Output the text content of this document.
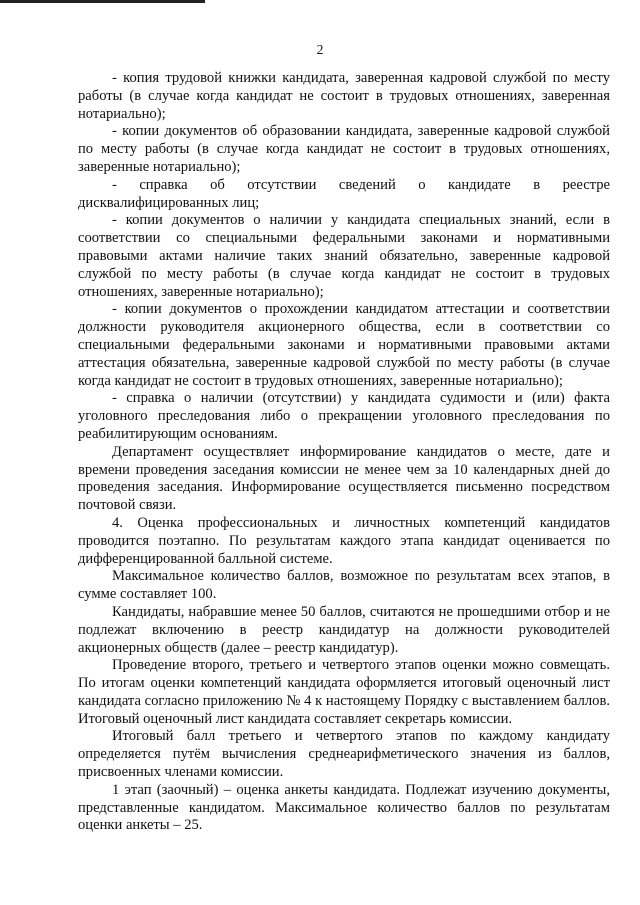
2

- копия трудовой книжки кандидата, заверенная кадровой службой по месту работы (в случае когда кандидат не состоит в трудовых отношениях, заверенная нотариально);

- копии документов об образовании кандидата, заверенные кадровой службой по месту работы (в случае когда кандидат не состоит в трудовых отношениях, заверенные нотариально);

- справка об отсутствии сведений о кандидате в реестре дисквалифицированных лиц;

- копии документов о наличии у кандидата специальных знаний, если в соответствии со специальными федеральными законами и нормативными правовыми актами наличие таких знаний обязательно, заверенные кадровой службой по месту работы (в случае когда кандидат не состоит в трудовых отношениях, заверенные нотариально);

- копии документов о прохождении кандидатом аттестации и соответствии должности руководителя акционерного общества, если в соответствии со специальными федеральными законами и нормативными правовыми актами аттестация обязательна, заверенные кадровой службой по месту работы (в случае когда кандидат не состоит в трудовых отношениях, заверенные нотариально);

- справка о наличии (отсутствии) у кандидата судимости и (или) факта уголовного преследования либо о прекращении уголовного преследования по реабилитирующим основаниям.

Департамент осуществляет информирование кандидатов о месте, дате и времени проведения заседания комиссии не менее чем за 10 календарных дней до проведения заседания. Информирование осуществляется письменно посредством почтовой связи.

4. Оценка профессиональных и личностных компетенций кандидатов проводится поэтапно. По результатам каждого этапа кандидат оценивается по дифференцированной балльной системе.

Максимальное количество баллов, возможное по результатам всех этапов, в сумме составляет 100.

Кандидаты, набравшие менее 50 баллов, считаются не прошедшими отбор и не подлежат включению в реестр кандидатур на должности руководителей акционерных обществ (далее – реестр кандидатур).

Проведение второго, третьего и четвертого этапов оценки можно совмещать. По итогам оценки компетенций кандидата оформляется итоговый оценочный лист кандидата согласно приложению № 4 к настоящему Порядку с выставлением баллов. Итоговый оценочный лист кандидата составляет секретарь комиссии.

Итоговый балл третьего и четвертого этапов по каждому кандидату определяется путём вычисления среднеарифметического значения из баллов, присвоенных членами комиссии.

1 этап (заочный) – оценка анкеты кандидата. Подлежат изучению документы, представленные кандидатом. Максимальное количество баллов по результатам оценки анкеты – 25.
